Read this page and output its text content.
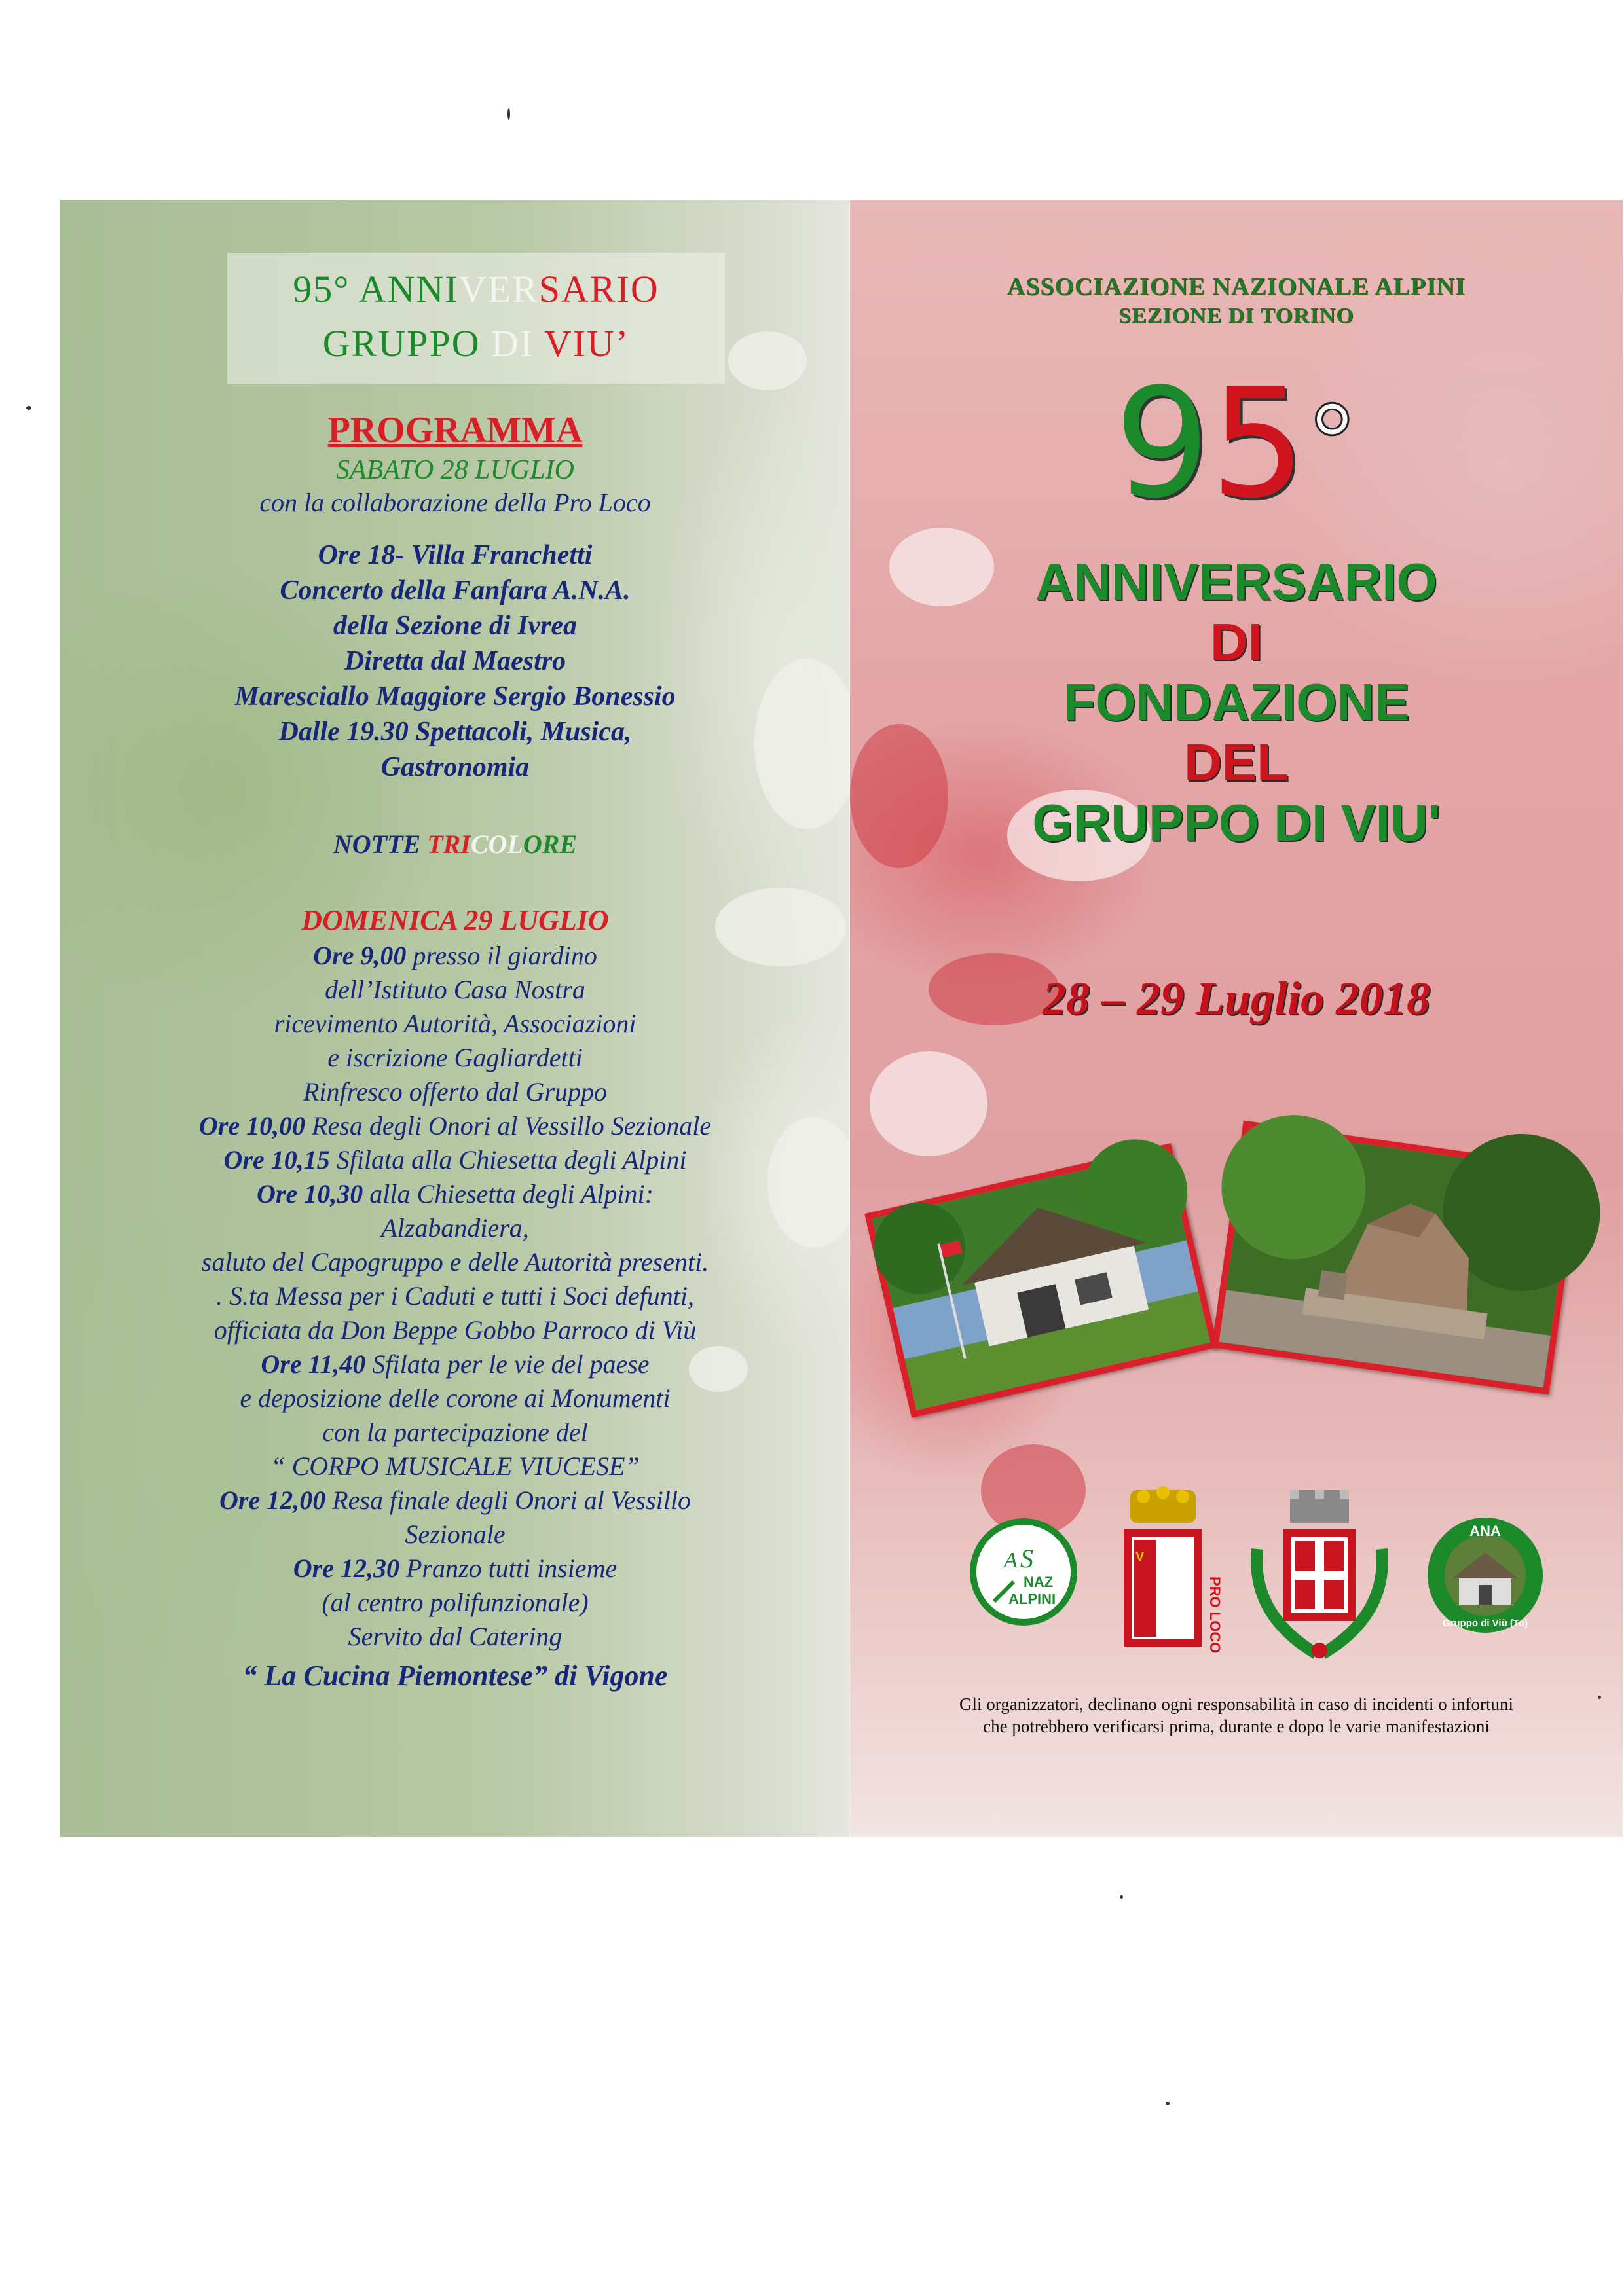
95° ANNIVERSARIO
GRUPPO DI VIU’
PROGRAMMA
SABATO 28 LUGLIO
con la collaborazione della Pro Loco
Ore 18- Villa Franchetti
Concerto della Fanfara A.N.A.
della Sezione di Ivrea
Diretta dal Maestro
Maresciallo Maggiore Sergio Bonessio
Dalle 19.30 Spettacoli, Musica,
Gastronomia
NOTTE TRICOLORE
DOMENICA 29 LUGLIO
Ore 9,00 presso il giardino
dell’Istituto Casa Nostra
ricevimento Autorità, Associazioni
e iscrizione Gagliardetti
Rinfresco offerto dal Gruppo
Ore 10,00 Resa degli Onori al Vessillo Sezionale
Ore 10,15 Sfilata alla Chiesetta degli Alpini
Ore 10,30 alla Chiesetta degli Alpini:
Alzabandiera,
saluto del Capogruppo e delle Autorità presenti.
. S.ta Messa per i Caduti e tutti i Soci defunti,
officiata da Don Beppe Gobbo Parroco di Viù
Ore 11,40 Sfilata per le vie del paese
e deposizione delle corone ai Monumenti
con la partecipazione del
“ CORPO MUSICALE VIUCESE”
Ore 12,00 Resa finale degli Onori al Vessillo
Sezionale
Ore 12,30 Pranzo tutti insieme
(al centro polifunzionale)
Servito dal Catering
“ La Cucina Piemontese” di Vigone
ASSOCIAZIONE NAZIONALE ALPINI
SEZIONE DI TORINO
95°
ANNIVERSARIO
DI
FONDAZIONE
DEL
GRUPPO DI VIU'
28 – 29 Luglio 2018
A S
NAZ
ALPINI
V
PRO LOCO
ANA
Gruppo di Viù (To)
Gli organizzatori, declinano ogni responsabilità in caso di incidenti o infortuni
che potrebbero verificarsi prima, durante e dopo le varie manifestazioni
